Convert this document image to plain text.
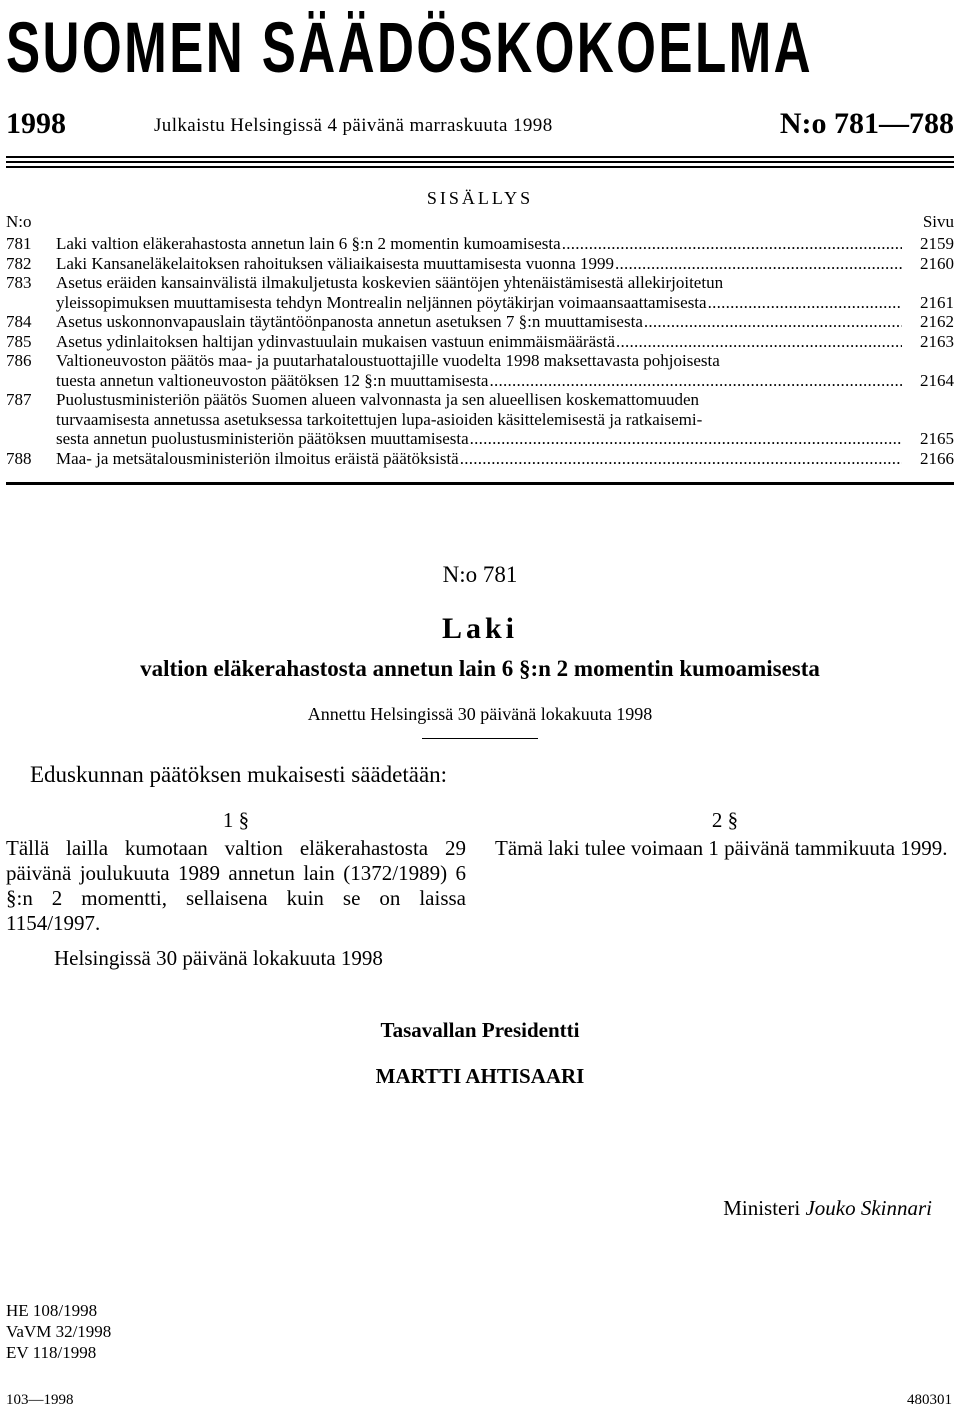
SUOMEN SÄÄDÖSKOKOELMA
1998	Julkaistu Helsingissä 4 päivänä marraskuuta 1998	N:o 781—788
SISÄLLYS
N:o	Sivu
781	Laki valtion eläkerahastosta annetun lain 6 §:n 2 momentin kumoamisesta . . .	2159
782	Laki Kansaneläkelaitoksen rahoituksen väliaikaisesta muuttamisesta vuonna 1999 . . .	2160
783	Asetus eräiden kansainvälistä ilmakuljetusta koskevien sääntöjen yhtenäistämisestä allekirjoitetun
yleissopimuksen muuttamisesta tehdyn Montrealin neljännen pöytäkirjan voimaansaattamisesta . . .	2161
784	Asetus uskonnonvapauslain täytäntöönpanosta annetun asetuksen 7 §:n muuttamisesta . . .	2162
785	Asetus ydinlaitoksen haltijan ydinvastuulain mukaisen vastuun enimmäismäärästä . . .	2163
786	Valtioneuvoston päätös maa- ja puutarhataloustuottajille vuodelta 1998 maksettavasta pohjoisesta
tuesta annetun valtioneuvoston päätöksen 12 §:n muuttamisesta . . .	2164
787	Puolustusministeriön päätös Suomen alueen valvonnasta ja sen alueellisen koskemattomuuden
turvaamisesta annetussa asetuksessa tarkoitettujen lupa-asioiden käsittelemisestä ja ratkaisemi-
sesta annetun puolustusministeriön päätöksen muuttamisesta . . .	2165
788	Maa- ja metsätalousministeriön ilmoitus eräistä päätöksistä . . .	2166
N:o 781
Laki
valtion eläkerahastosta annetun lain 6 §:n 2 momentin kumoamisesta
Annettu Helsingissä 30 päivänä lokakuuta 1998
Eduskunnan päätöksen mukaisesti säädetään:
1 §
Tällä lailla kumotaan valtion eläkerahastosta 29 päivänä joulukuuta 1989 annetun lain (1372/1989) 6 §:n 2 momentti, sellaisena kuin se on laissa 1154/1997.
2 §
Tämä laki tulee voimaan 1 päivänä tammikuuta 1999.
Helsingissä 30 päivänä lokakuuta 1998
Tasavallan Presidentti
MARTTI AHTISAARI
Ministeri Jouko Skinnari
HE 108/1998
VaVM 32/1998
EV 118/1998
103—1998	480301
